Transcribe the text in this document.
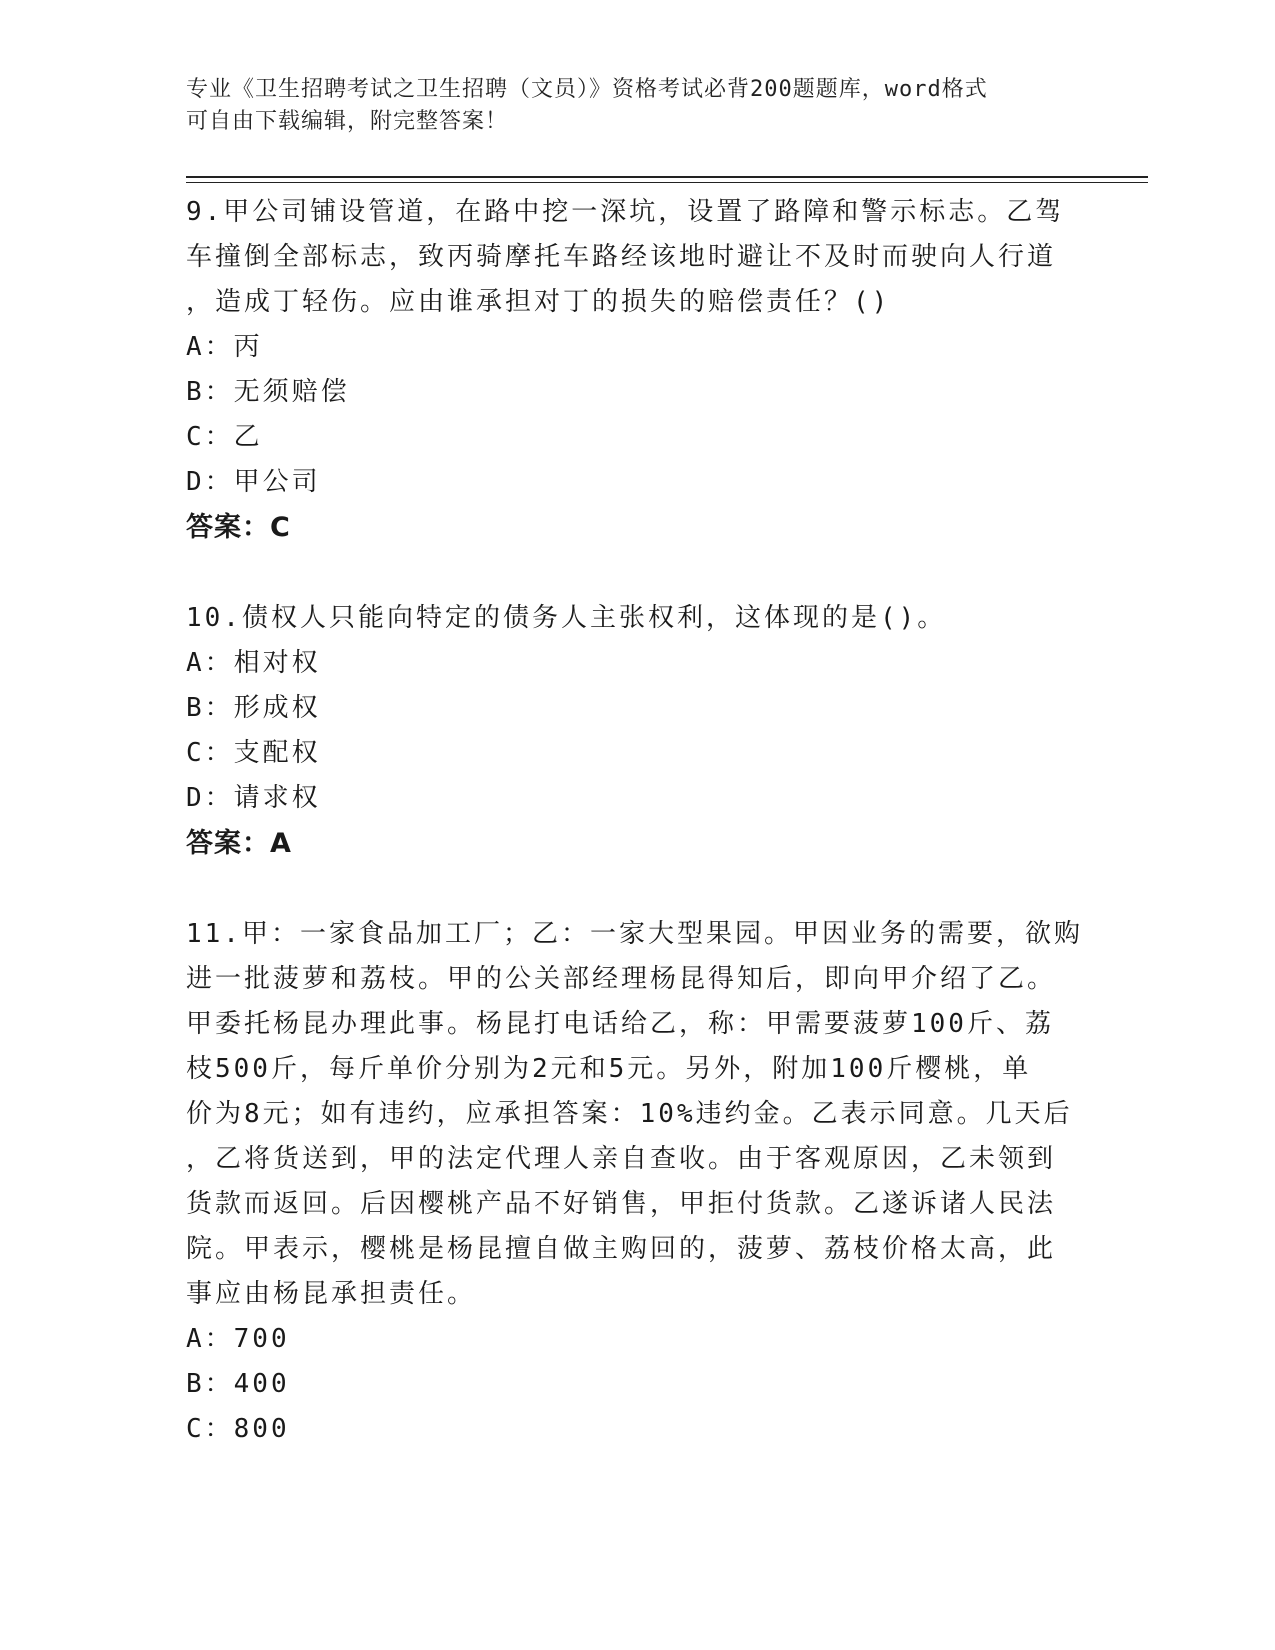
专业《卫生招聘考试之卫生招聘（文员）》资格考试必背200题题库，word格式
可自由下载编辑，附完整答案！
9.甲公司铺设管道，在路中挖一深坑，设置了路障和警示标志。乙驾
车撞倒全部标志，致丙骑摩托车路经该地时避让不及时而驶向人行道
，造成丁轻伤。应由谁承担对丁的损失的赔偿责任？()
A：丙
B：无须赔偿
C：乙
D：甲公司
答案：C
10.债权人只能向特定的债务人主张权利，这体现的是()。
A：相对权
B：形成权
C：支配权
D：请求权
答案：A
11.甲：一家食品加工厂；乙：一家大型果园。甲因业务的需要，欲购
进一批菠萝和荔枝。甲的公关部经理杨昆得知后，即向甲介绍了乙。
甲委托杨昆办理此事。杨昆打电话给乙，称：甲需要菠萝100斤、荔
枝500斤，每斤单价分别为2元和5元。另外，附加100斤樱桃，单
价为8元；如有违约，应承担答案：10%违约金。乙表示同意。几天后
，乙将货送到，甲的法定代理人亲自查收。由于客观原因，乙未领到
货款而返回。后因樱桃产品不好销售，甲拒付货款。乙遂诉诸人民法
院。甲表示，樱桃是杨昆擅自做主购回的，菠萝、荔枝价格太高，此
事应由杨昆承担责任。
A：700
B：400
C：800
